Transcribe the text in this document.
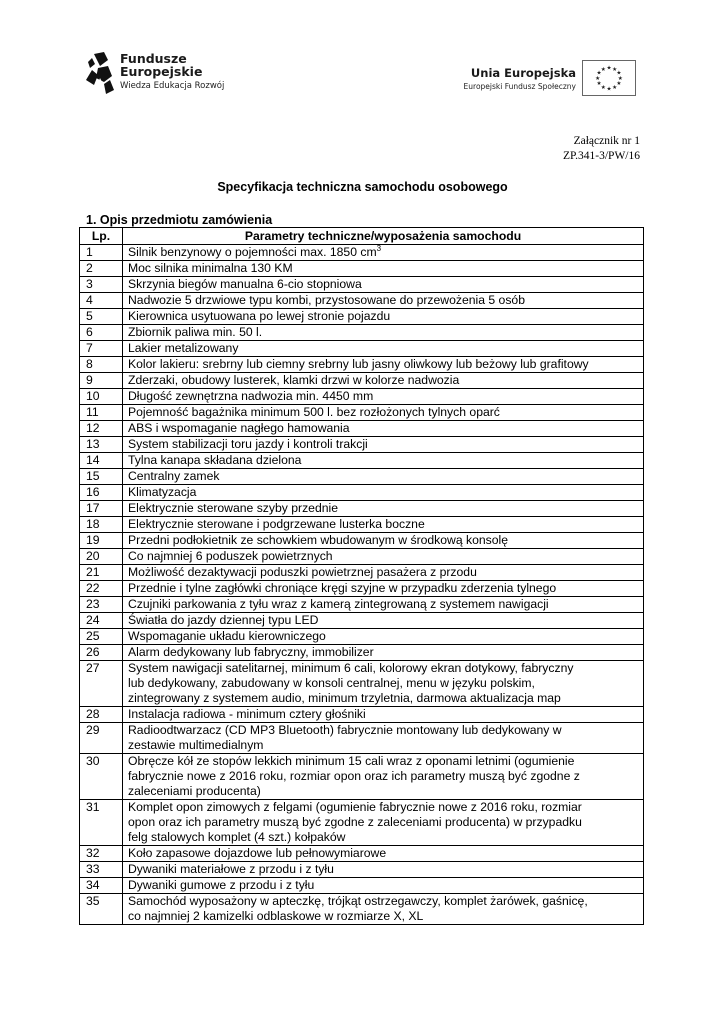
Fundusze
Europejskie
Wiedza Edukacja Rozwój
Unia Europejska
Europejski Fundusz Społeczny
★ ★
★
★
★
★
★
★
★
★
★
★
Załącznik nr 1
ZP.341-3/PW/16
Specyfikacja techniczna samochodu osobowego
1. Opis przedmiotu zamówienia
Lp.	Parametry techniczne/wyposażenia samochodu
1	Silnik benzynowy o pojemności max. 1850 $cm^3$
2	Moc silnika minimalna 130 KM
3	Skrzynia biegów manualna 6-cio stopniowa
4	Nadwozie 5 drzwiowe typu kombi, przystosowane do przewożenia 5 osób
5	Kierownica usytuowana po lewej stronie pojazdu
6	Zbiornik paliwa min. 50 l.
7	Lakier metalizowany
8	Kolor lakieru: srebrny lub ciemny srebrny lub jasny oliwkowy lub beżowy lub grafitowy
9	Zderzaki, obudowy lusterek, klamki drzwi w kolorze nadwozia
10	Długość zewnętrzna nadwozia min. 4450 mm
11	Pojemność bagażnika minimum 500 l. bez rozłożonych tylnych oparć
12	ABS i wspomaganie nagłego hamowania
13	System stabilizacji toru jazdy i kontroli trakcji
14	Tylna kanapa składana dzielona
15	Centralny zamek
16	Klimatyzacja
17	Elektrycznie sterowane szyby przednie
18	Elektrycznie sterowane i podgrzewane lusterka boczne
19	Przedni podłokietnik ze schowkiem wbudowanym w środkową konsolę
20	Co najmniej 6 poduszek powietrznych
21	Możliwość dezaktywacji poduszki powietrznej pasażera z przodu
22	Przednie i tylne zagłówki chroniące kręgi szyjne w przypadku zderzenia tylnego
23	Czujniki parkowania z tyłu wraz z kamerą zintegrowaną z systemem nawigacji
24	Światła do jazdy dziennej typu LED
25	Wspomaganie układu kierowniczego
26	Alarm dedykowany lub fabryczny, immobilizer
27	System nawigacji satelitarnej, minimum 6 cali, kolorowy ekran dotykowy, fabryczny
lub dedykowany, zabudowany w konsoli centralnej, menu w języku polskim,
zintegrowany z systemem audio, minimum trzyletnia, darmowa aktualizacja map

28	Instalacja radiowa - minimum cztery głośniki
29	Radioodtwarzacz (CD MP3 Bluetooth) fabrycznie montowany lub dedykowany w
zestawie multimedialnym

30	Obręcze kół ze stopów lekkich minimum 15 cali wraz z oponami letnimi (ogumienie
fabrycznie nowe z 2016 roku, rozmiar opon oraz ich parametry muszą być zgodne z
zaleceniami producenta)

31	Komplet opon zimowych z felgami (ogumienie fabrycznie nowe z 2016 roku, rozmiar
opon oraz ich parametry muszą być zgodne z zaleceniami producenta) w przypadku
felg stalowych komplet (4 szt.) kołpaków

32	Koło zapasowe dojazdowe lub pełnowymiarowe
33	Dywaniki materiałowe z przodu i z tyłu
34	Dywaniki gumowe z przodu i z tyłu
35	Samochód wyposażony w apteczkę, trójkąt ostrzegawczy, komplet żarówek, gaśnicę,
co najmniej 2 kamizelki odblaskowe w rozmiarze X, XL
